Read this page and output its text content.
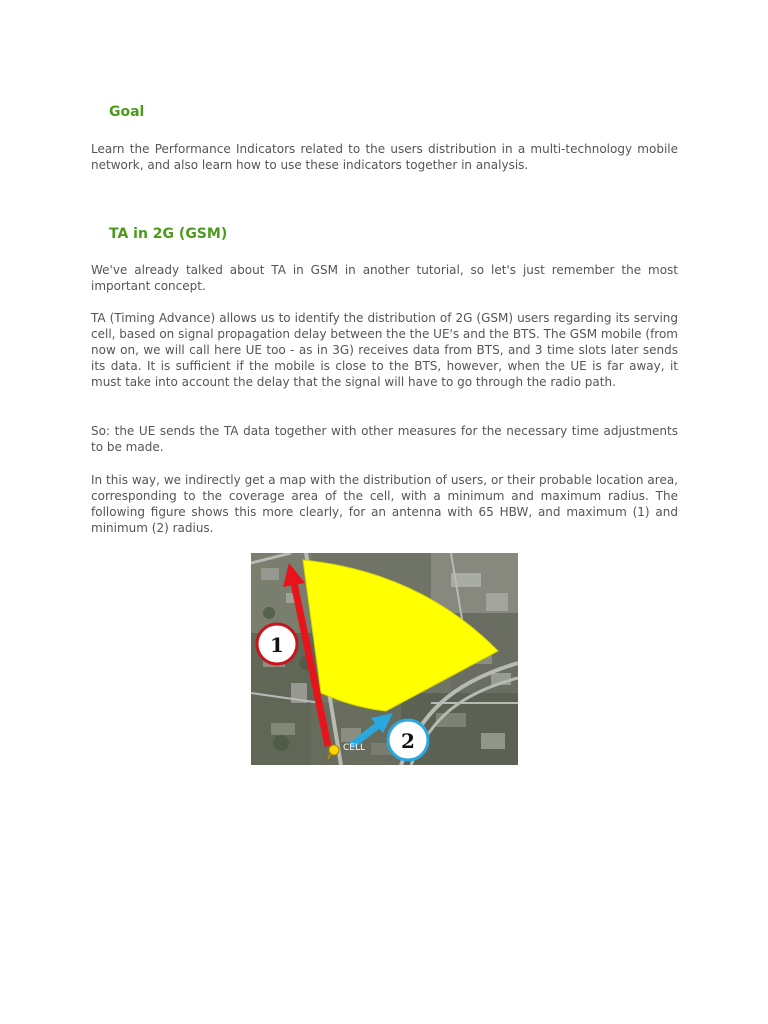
Goal

Learn the Performance Indicators related to the users distribution in a multi-technology mobile network, and also learn how to use these indicators together in analysis.

TA in 2G (GSM)

We've already talked about TA in GSM in another tutorial, so let's just remember the most important concept.

TA (Timing Advance) allows us to identify the distribution of 2G (GSM) users regarding its serving cell, based on signal propagation delay between the the UE's and the BTS. The GSM mobile (from now on, we will call here UE too - as in 3G) receives data from BTS, and 3 time slots later sends its data. It is sufficient if the mobile is close to the BTS, however, when the UE is far away, it must take into account the delay that the signal will have to go through the radio path.

So: the UE sends the TA data together with other measures for the necessary time adjustments to be made.

In this way, we indirectly get a map with the distribution of users, or their probable location area, corresponding to the coverage area of the cell, with a minimum and maximum radius. The following figure shows this more clearly, for an antenna with 65 HBW, and maximum (1) and minimum (2) radius.

CELL
1
2
